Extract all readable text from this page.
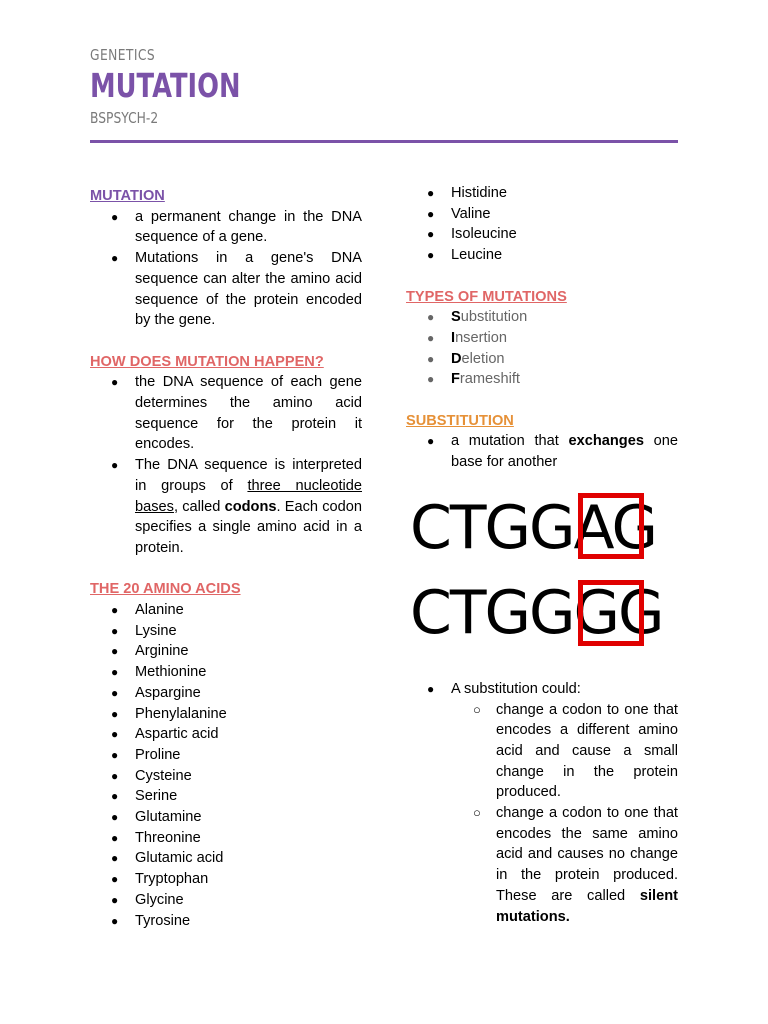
GENETICS
MUTATION
BSPSYCH-2

MUTATION

● a permanent change in the DNA sequence of a gene.
● Mutations in a gene's DNA sequence can alter the amino acid sequence of the protein encoded by the gene.

HOW DOES MUTATION HAPPEN?

● the DNA sequence of each gene determines the amino acid sequence for the protein it encodes.
● The DNA sequence is interpreted in groups of three nucleotide bases, called codons. Each codon specifies a single amino acid in a protein.

THE 20 AMINO ACIDS

● Alanine
● Lysine
● Arginine
● Methionine
● Aspargine
● Phenylalanine
● Aspartic acid
● Proline
● Cysteine
● Serine
● Glutamine
● Threonine
● Glutamic acid
● Tryptophan
● Glycine
● Tyrosine
● Histidine
● Valine
● Isoleucine
● Leucine

TYPES OF MUTATIONS

● Substitution
● Insertion
● Deletion
● Frameshift

SUBSTITUTION

● a mutation that exchanges one base for another
CTGGAG
CTGGGG
● A substitution could:
○ change a codon to one that encodes a different amino acid and cause a small change in the protein produced.
○ change a codon to one that encodes the same amino acid and causes no change in the protein produced. These are called silent mutations.
